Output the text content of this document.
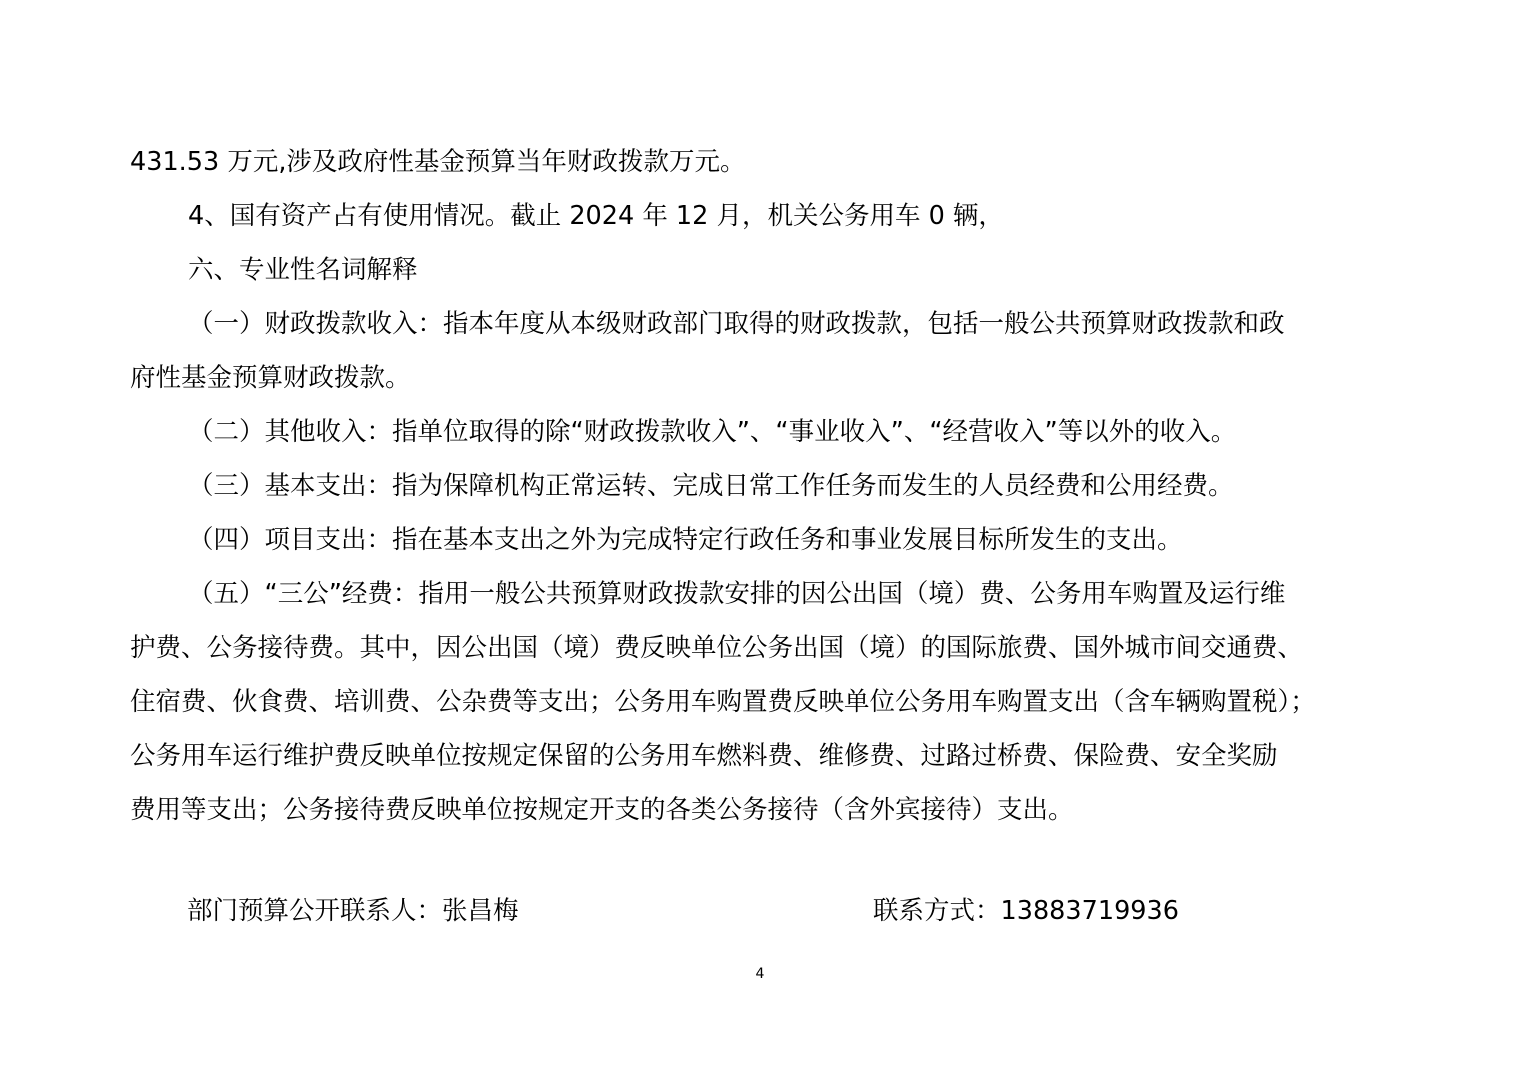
431.53 万元,涉及政府性基金预算当年财政拨款万元。
4、国有资产占有使用情况。截止 2024 年 12 月，机关公务用车 0 辆，
六、专业性名词解释
（一）财政拨款收入：指本年度从本级财政部门取得的财政拨款，包括一般公共预算财政拨款和政
府性基金预算财政拨款。
（二）其他收入：指单位取得的除“财政拨款收入”、“事业收入”、“经营收入”等以外的收入。
（三）基本支出：指为保障机构正常运转、完成日常工作任务而发生的人员经费和公用经费。
（四）项目支出：指在基本支出之外为完成特定行政任务和事业发展目标所发生的支出。
（五）“三公”经费：指用一般公共预算财政拨款安排的因公出国（境）费、公务用车购置及运行维
护费、公务接待费。其中，因公出国（境）费反映单位公务出国（境）的国际旅费、国外城市间交通费、
住宿费、伙食费、培训费、公杂费等支出；公务用车购置费反映单位公务用车购置支出（含车辆购置税）；
公务用车运行维护费反映单位按规定保留的公务用车燃料费、维修费、过路过桥费、保险费、安全奖励
费用等支出；公务接待费反映单位按规定开支的各类公务接待（含外宾接待）支出。
部门预算公开联系人：张昌梅	联系方式：13883719936
4
